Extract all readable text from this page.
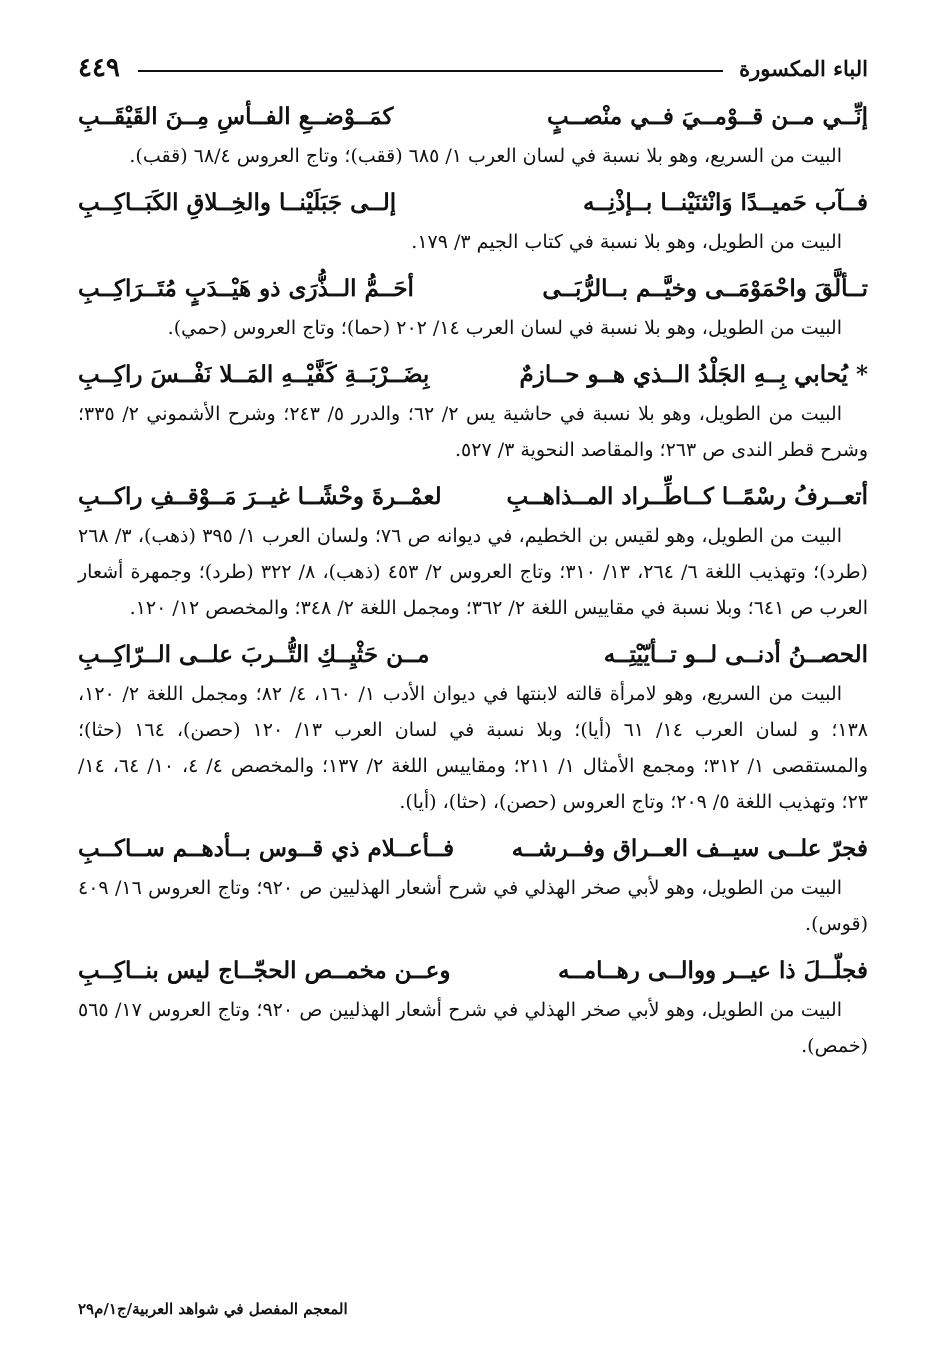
الباء المكسورة
٤٤٩
إنِّــي مــن قــوْمــيَ فــي منْصــبٍ
كمَــوْضــعِ الفــأسِ مِــنَ القَيْقَــبِ

البيت من السريع، وهو بلا نسبة في لسان العرب ١/ ٦٨٥ (ققب)؛ وتاج العروس ٦٨/٤ (ققب).

فــآب حَميــدًا وَانْثنَيْنــا بــإذْنِــه
إلــى جَبَلَيْنــا والخِــلاقِ الكَبَــاكِــبِ

البيت من الطويل، وهو بلا نسبة في كتاب الجيم ٣/ ١٧٩.

تــألَّقَ واحْمَوْمَــى وخيَّــم بــالرُّبَــى
أحَــمُّ الــذُّرَى ذو هَيْــدَبٍ مُتَــرَاكِــبِ

البيت من الطويل، وهو بلا نسبة في لسان العرب ١٤/ ٢٠٢ (حما)؛ وتاج العروس (حمي).

* يُحابي بِــهِ الجَلْدُ الــذي هــو حــازمٌ
بِضَــرْبَــةِ كَفَّيْــهِ المَــلا نَفْــسَ راكِــبِ

البيت من الطويل، وهو بلا نسبة في حاشية يس ٢/ ٦٢؛ والدرر ٥/ ٢٤٣؛ وشرح الأشموني ٢/ ٣٣٥؛ وشرح قطر الندى ص ٢٦٣؛ والمقاصد النحوية ٣/ ٥٢٧.

أتعــرفُ رسْمًــا كــاطِّــراد المــذاهــبِ
لعمْــرةَ وحْشًــا غيــرَ مَــوْقــفِ راكــبِ

البيت من الطويل، وهو لقيس بن الخطيم، في ديوانه ص ٧٦؛ ولسان العرب ١/ ٣٩٥ (ذهب)، ٣/ ٢٦٨ (طرد)؛ وتهذيب اللغة ٦/ ٢٦٤، ١٣/ ٣١٠؛ وتاج العروس ٢/ ٤٥٣ (ذهب)، ٨/ ٣٢٢ (طرد)؛ وجمهرة أشعار العرب ص ٦٤١؛ وبلا نسبة في مقاييس اللغة ٢/ ٣٦٢؛ ومجمل اللغة ٢/ ٣٤٨؛ والمخصص ١٢/ ١٢٠.

الحصــنُ أدنــى لــو تــأيّيْتِــه
مــن حَثْيِــكِ التُّــربَ علــى الــرّاكِــبِ

البيت من السريع، وهو لامرأة قالته لابنتها في ديوان الأدب ١/ ١٦٠، ٤/ ٨٢؛ ومجمل اللغة ٢/ ١٢٠، ١٣٨؛ و لسان العرب ١٤/ ٦١ (أيا)؛ وبلا نسبة في لسان العرب ١٣/ ١٢٠ (حصن)، ١٦٤ (حثا)؛ والمستقصى ١/ ٣١٢؛ ومجمع الأمثال ١/ ٢١١؛ ومقاييس اللغة ٢/ ١٣٧؛ والمخصص ٤/ ٤، ١٠/ ٦٤، ١٤/ ٢٣؛ وتهذيب اللغة ٥/ ٢٠٩؛ وتاج العروس (حصن)، (حثا)، (أيا).

فجرّ علــى سيــف العــراق وفــرشــه
فــأعــلام ذي قــوس بــأدهــم ســاكــبِ

البيت من الطويل، وهو لأبي صخر الهذلي في شرح أشعار الهذليين ص ٩٢٠؛ وتاج العروس ١٦/ ٤٠٩ (قوس).

فجلّــلَ ذا عيــر ووالــى رهــامــه
وعــن مخمــص الحجّــاج ليس بنــاكِــبِ

البيت من الطويل، وهو لأبي صخر الهذلي في شرح أشعار الهذليين ص ٩٢٠؛ وتاج العروس ١٧/ ٥٦٥ (خمص).

المعجم المفصل في شواهد العربية/ج١/م٢٩
